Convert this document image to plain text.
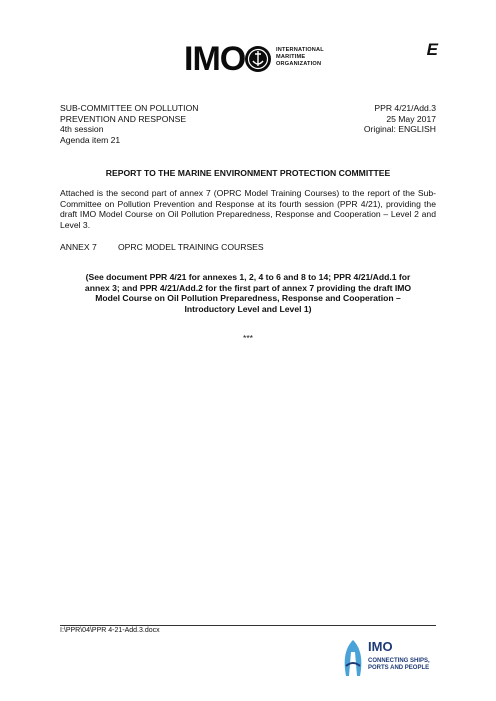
IMO	INTERNATIONAL
MARITIME
ORGANIZATION
E
SUB-COMMITTEE ON POLLUTION
PREVENTION AND RESPONSE
4th session
Agenda item 21
PPR 4/21/Add.3
25 May 2017
Original: ENGLISH
REPORT TO THE MARINE ENVIRONMENT PROTECTION COMMITTEE
Attached is the second part of annex 7 (OPRC Model Training Courses) to the report of the Sub-Committee on Pollution Prevention and Response at its fourth session (PPR 4/21), providing the draft IMO Model Course on Oil Pollution Preparedness, Response and Cooperation – Level 2 and Level 3.
ANNEX 7 OPRC MODEL TRAINING COURSES
(See document PPR 4/21 for annexes 1, 2, 4 to 6 and 8 to 14; PPR 4/21/Add.1 for annex 3; and PPR 4/21/Add.2 for the first part of annex 7 providing the draft IMO Model Course on Oil Pollution Preparedness, Response and Cooperation – Introductory Level and Level 1)
***
I:\PPR\04\PPR 4-21-Add.3.docx
IMO
CONNECTING SHIPS,
PORTS AND PEOPLE
